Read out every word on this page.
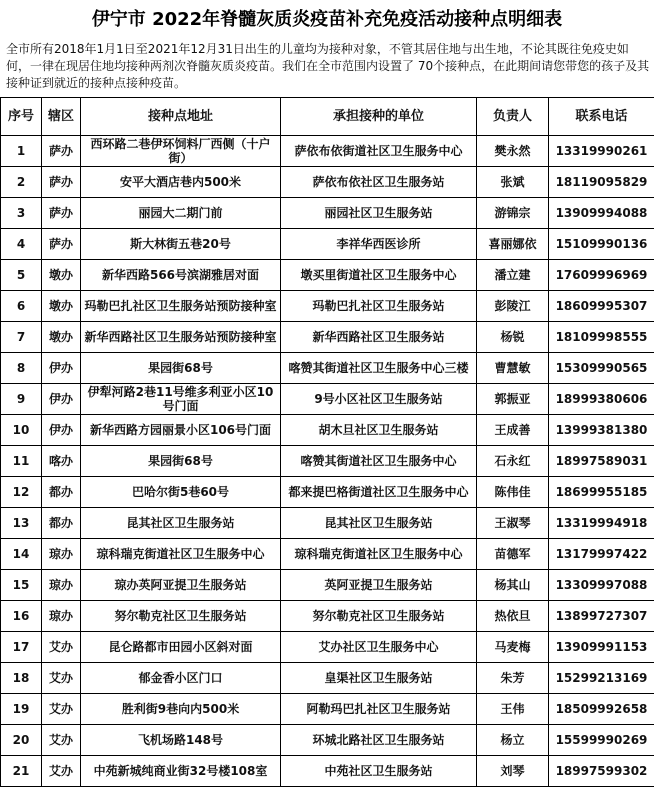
伊宁市 2022年脊髓灰质炎疫苗补充免疫活动接种点明细表
全市所有2018年1月1日至2021年12月31日出生的儿童均为接种对象，不管其居住地与出生地，不论其既往免疫史如何，一律在现居住地均接种两剂次脊髓灰质炎疫苗。我们在全市范围内设置了 70个接种点，在此期间请您带您的孩子及其接种证到就近的接种点接种疫苗。
序号	辖区	接种点地址	承担接种的单位	负责人	联系电话
1	萨办	西环路二巷伊环饲料厂西侧（十户街）	萨依布依街道社区卫生服务中心	樊永然	13319990261
2	萨办	安平大酒店巷内500米	萨依布依社区卫生服务站	张斌	18119095829
3	萨办	丽园大二期门前	丽园社区卫生服务站	游锦宗	13909994088
4	萨办	斯大林街五巷20号	李祥华西医诊所	喜丽娜依	15109990136
5	墩办	新华西路566号滨湖雅居对面	墩买里街道社区卫生服务中心	潘立建	17609996969
6	墩办	玛勒巴扎社区卫生服务站预防接种室	玛勒巴扎社区卫生服务站	彭陵江	18609995307
7	墩办	新华西路社区卫生服务站预防接种室	新华西路社区卫生服务站	杨锐	18109998555
8	伊办	果园街68号	喀赞其街道社区卫生服务中心三楼	曹慧敏	15309990565
9	伊办	伊犁河路2巷11号维多利亚小区10号门面	9号小区社区卫生服务站	郭振亚	18999380606
10	伊办	新华西路方园丽景小区106号门面	胡木旦社区卫生服务站	王成善	13999381380
11	喀办	果园街68号	喀赞其街道社区卫生服务中心	石永红	18997589031
12	都办	巴哈尔街5巷60号	都来提巴格街道社区卫生服务中心	陈伟佳	18699955185
13	都办	昆其社区卫生服务站	昆其社区卫生服务站	王淑琴	13319994918
14	琼办	琼科瑞克街道社区卫生服务中心	琼科瑞克街道社区卫生服务中心	苗德军	13179997422
15	琼办	琼办英阿亚提卫生服务站	英阿亚提卫生服务站	杨其山	13309997088
16	琼办	努尔勒克社区卫生服务站	努尔勒克社区卫生服务站	热依旦	13899727307
17	艾办	昆仑路都市田园小区斜对面	艾办社区卫生服务中心	马麦梅	13909991153
18	艾办	郁金香小区门口	皇渠社区卫生服务站	朱芳	15299213169
19	艾办	胜利街9巷向内500米	阿勒玛巴扎社区卫生服务站	王伟	18509992658
20	艾办	飞机场路148号	环城北路社区卫生服务站	杨立	15599990269
21	艾办	中苑新城纯商业街32号楼108室	中苑社区卫生服务站	刘琴	18997599302
